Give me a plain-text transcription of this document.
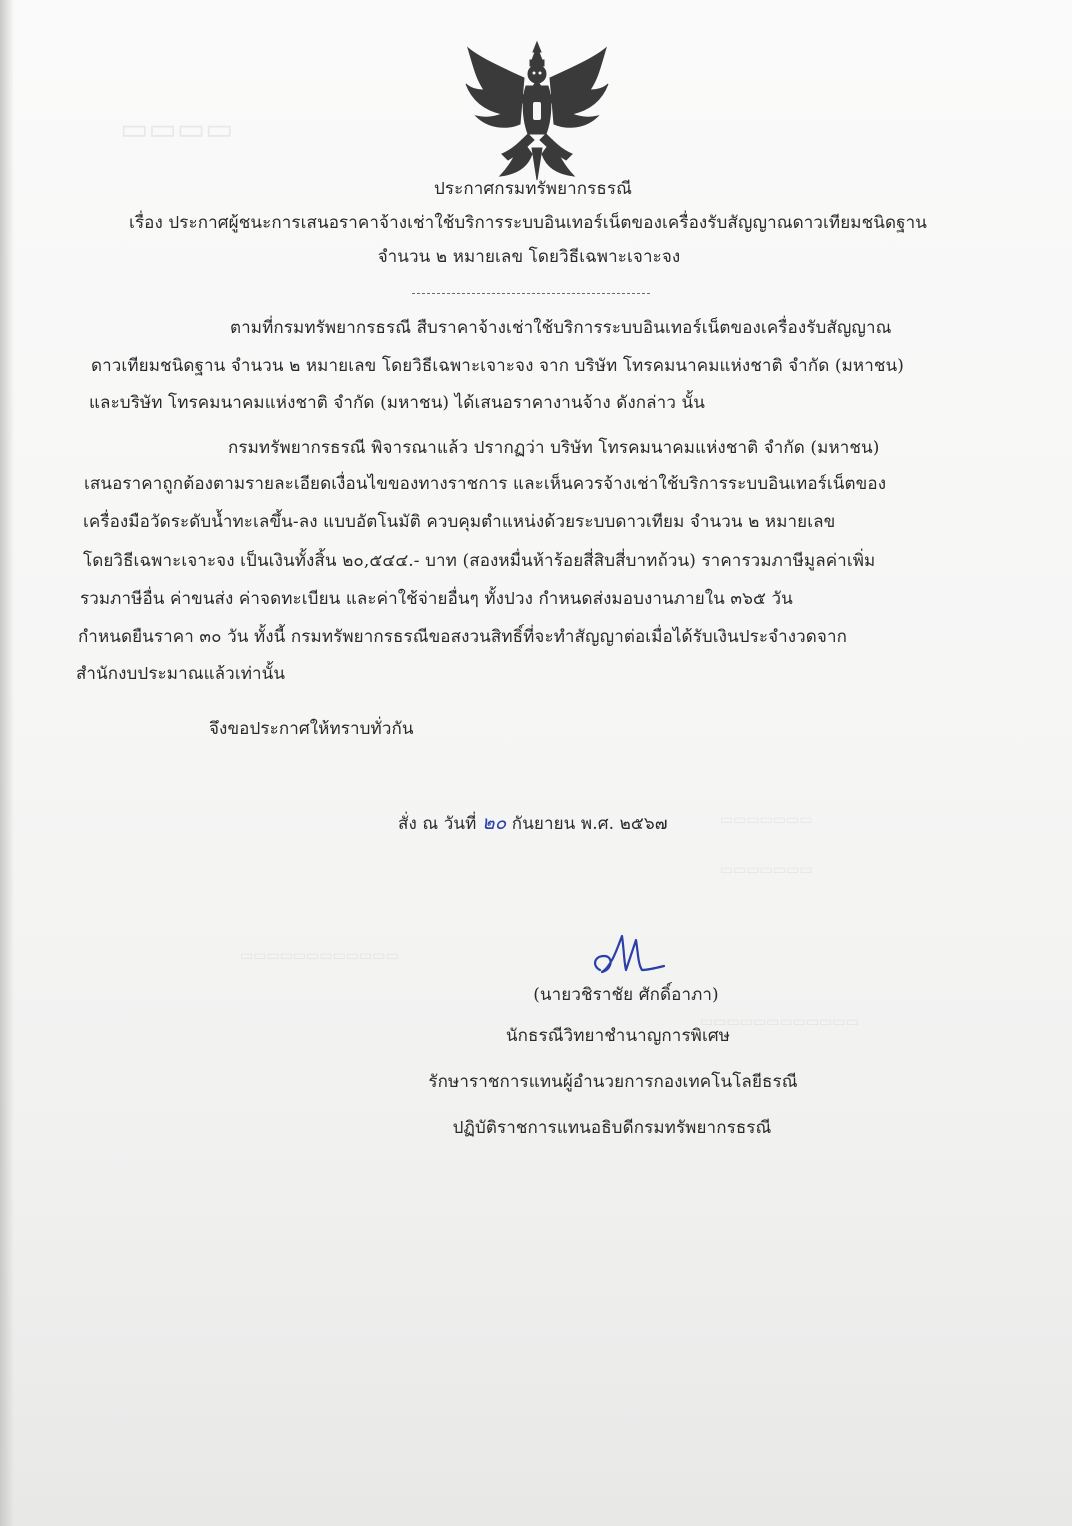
▭▭▭▭
▭▭▭▭▭▭▭
▭▭▭▭▭▭▭
▭▭▭▭▭▭▭▭▭▭▭▭
▭▭▭▭▭▭▭▭▭▭▭▭
ประกาศกรมทรัพยากรธรณี
เรื่อง ประกาศผู้ชนะการเสนอราคาจ้างเช่าใช้บริการระบบอินเทอร์เน็ตของเครื่องรับสัญญาณดาวเทียมชนิดฐาน
จำนวน ๒ หมายเลข โดยวิธีเฉพาะเจาะจง
ตามที่กรมทรัพยากรธรณี สืบราคาจ้างเช่าใช้บริการระบบอินเทอร์เน็ตของเครื่องรับสัญญาณ
ดาวเทียมชนิดฐาน จำนวน ๒ หมายเลข โดยวิธีเฉพาะเจาะจง จาก บริษัท โทรคมนาคมแห่งชาติ จำกัด (มหาชน)
และบริษัท โทรคมนาคมแห่งชาติ จำกัด (มหาชน) ได้เสนอราคางานจ้าง ดังกล่าว นั้น
กรมทรัพยากรธรณี พิจารณาแล้ว ปรากฏว่า บริษัท โทรคมนาคมแห่งชาติ จำกัด (มหาชน)
เสนอราคาถูกต้องตามรายละเอียดเงื่อนไขของทางราชการ และเห็นควรจ้างเช่าใช้บริการระบบอินเทอร์เน็ตของ
เครื่องมือวัดระดับน้ำทะเลขึ้น-ลง แบบอัตโนมัติ ควบคุมตำแหน่งด้วยระบบดาวเทียม จำนวน ๒ หมายเลข
โดยวิธีเฉพาะเจาะจง เป็นเงินทั้งสิ้น ๒๐,๕๔๔.- บาท (สองหมื่นห้าร้อยสี่สิบสี่บาทถ้วน) ราคารวมภาษีมูลค่าเพิ่ม
รวมภาษีอื่น ค่าขนส่ง ค่าจดทะเบียน และค่าใช้จ่ายอื่นๆ ทั้งปวง กำหนดส่งมอบงานภายใน ๓๖๕ วัน
กำหนดยืนราคา ๓๐ วัน ทั้งนี้ กรมทรัพยากรธรณีขอสงวนสิทธิ์ที่จะทำสัญญาต่อเมื่อได้รับเงินประจำงวดจาก
สำนักงบประมาณแล้วเท่านั้น
จึงขอประกาศให้ทราบทั่วกัน
สั่ง ณ วันที่ ๒๐ กันยายน พ.ศ. ๒๕๖๗
(นายวชิราชัย ศักดิ์อาภา)
นักธรณีวิทยาชำนาญการพิเศษ
รักษาราชการแทนผู้อำนวยการกองเทคโนโลยีธรณี
ปฏิบัติราชการแทนอธิบดีกรมทรัพยากรธรณี
